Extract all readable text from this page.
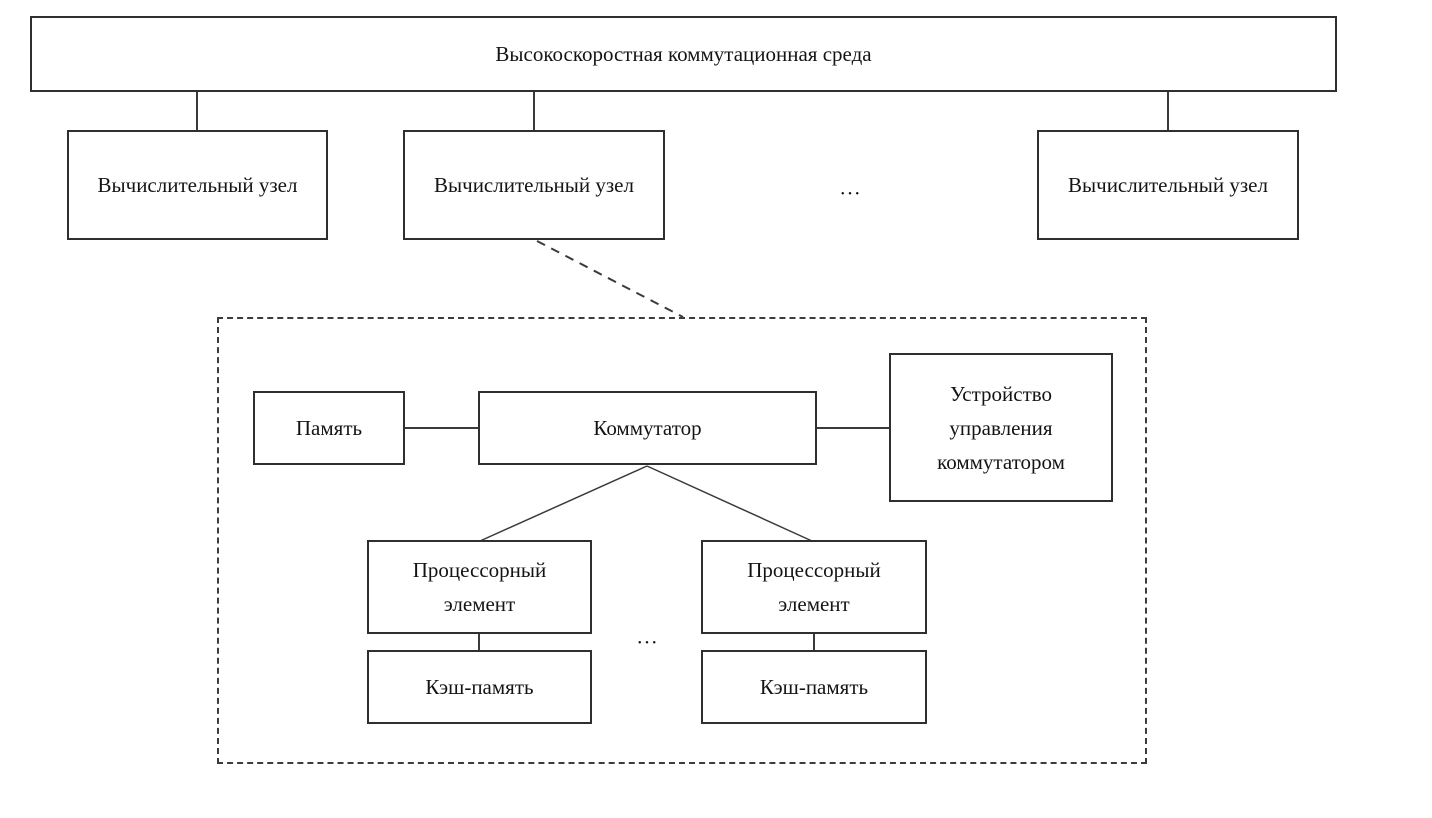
Высокоскоростная коммутационная среда
Вычислительный узел	Вычислительный узел	...	Вычислительный узел
Память	Коммутатор
Устройство управления коммутатором
Процессорный элемент
...
Процессорный элемент
Кэш-память	Кэш-память
